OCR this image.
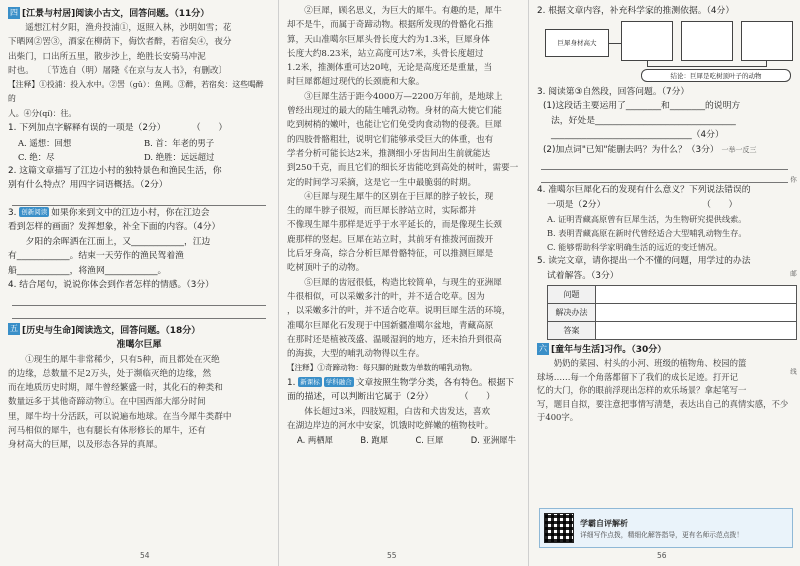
四 [江景与村居]阅读小古文，回答问题。（11分）

遥想江村夕阳，渔舟投浦①，返照入林，沙明如雪；花

下晒网②罟③，酒家在柳荫下，侮饮者醉，若宿矣④，夜分

出柴门，口出所五里，散步沙上，绝胜长安骑马冲泥

时也。　　〔节选自（明）屠隆《在京与友人书》，有删改〕

【注释】①投浦：投入水中。②罟（ɡǔ）：鱼网。③醉，若宿矣：这些喝醉的

人。④分(qí)：往。

1. 下列加点字解释有误的一项是（2分）　　　　（　　）

A. 遥想：回想	B. 首：年老的男子
C. 绝：尽	D. 绝胜：远远超过

2. 这篇文章描写了江边小村的独特景色和渔民生活，你

别有什么特点？用四字词语概括。（2分）

3. 创新阅读 如果你来到文中的江边小村，你在江边会

看到怎样的画面？发挥想象，补全下面的内容。（4分）

夕阳的余晖洒在江面上，又____________，江边

有____________。结束一天劳作的渔民驾着渔

船____________，将渔网____________。

4. 结合尾句，说说你体会到作者怎样的情感。（3分）

五 [历史与生命]阅读选文，回答问题。（18分）
准噶尔巨犀

①现生的犀牛非常稀少，只有5种，而且都处在灭绝

的边缘，总数量不足2万头，处于濒临灭绝的边缘，然

而在地质历史时期，犀牛曾经繁盛一时，其化石的种类和

数量远多于其他奇蹄动物①。在中国西部大部分时间

里，犀牛均十分活跃，可以说遍布地球。在当今犀牛类群中

河马相似的犀牛，也有腿长有体形修长的犀牛，还有

身材高大的巨犀，以及形态各异的真犀。

54

②巨犀，顾名思义，为巨大的犀牛。有趣的是，犀牛

却不是牛，而属于奇蹄动物。根据所发现的骨骼化石推

算，天山准噶尔巨犀头骨长度大约为1.3米，巨犀身体

长度大约8.23米，站立高度可达7米，头骨长度超过

1.2米，推测体重可达20吨，无论是高度还是重量，当

时巨犀都超过现代的长颈鹿和大象。

③巨犀生活于距今4000万—2200万年前，是地球上

曾经出现过的最大的陆生哺乳动物。身材的高大使它们能

吃到树梢的嫩叶，也能让它们免受肉食动物的侵袭。巨犀

的四肢骨骼粗壮，说明它们能够承受巨大的体重，也有

学者分析可能长达2米，推测细小牙齿间出生前就能达

到250千克，而且它们的细长牙齿能吃到高处的树叶，需要一

定的时间学习采摘，这是它一生中最脆弱的时期。

④巨犀与现生犀牛的区别在于巨犀的脖子较长，现

生的犀牛脖子很短，而巨犀长脖站立时，实际都并

不像现生犀牛那样是近乎于水平延长的，而是像现生长颈

鹿那样的竖起。巨犀在站立时，其前牙有推拨河面拨开

比后牙身高，综合分析巨犀骨骼特征，可以推测巨犀是

吃树顶叶子的动物。

⑤巨犀的齿冠很低，构造比较简单，与现生的亚洲犀

牛很相似，可以采嫩多汁的叶，并不适合吃草。因为

，以采嫩多汁的叶，并不适合吃草。说明巨犀生活的环境，

准噶尔巨犀化石发现于中国新疆准噶尔盆地，青藏高原

在那时还是植被茂盛、温暖湿润的地方，还未抬升到很高

的海拔，大型的哺乳动物得以生存。

【注释】①奇蹄动物：每只脚的趾数为单数的哺乳动物。

1. 新课标 学科融合 文章按照生物学分类，各有特色。根据下

面的描述，可以判断出它属于（2分）　　　　（　　）

体长超过3米，四肢短粗，白齿和犬齿发达，喜欢

在湖边岸边的河水中安家，饥饿时吃鲜嫩的植物枝叶。

A. 两栖犀	B. 跑犀	C. 巨犀	D. 亚洲犀牛
55

2. 根据文章内容，补充科学家的推测依据。（4分）

巨犀身材高大
结论：巨犀是吃树顶叶子的动物

3. 阅读第③自然段，回答问题。（7分）

(1)这段话主要运用了________和________的说明方

法，好处是________________________________

________________________________（4分）

(2)加点词"已知"能删去吗？为什么？（3分） 一举一反三

4. 准噶尔巨犀化石的发现有什么意义？下列说法错误的

一项是（2分）　　　　　　　　　　　　（　　）

A. 证明青藏高原曾有巨犀生活，为生物研究提供线索。

B. 表明青藏高原在新时代曾经适合大型哺乳动物生存。

C. 能够帮助科学家明确生活的远近的变迁情况。

5. 读完文章，请你提出一个不懂的问题，用学过的办法

试着解答。（3分）

问题	
解决办法	
答案	
六 [童年与生活]习作。（30分）

奶奶的菜园、村头的小河、班级的植物角、校园的篮

球场……每一个角落都留下了我们的成长足迹。打开记

忆的大门，你的眼前浮现出怎样的欢乐场景？拿起笔写一

写，题目自拟，要注意把事情写清楚，表达出自己的真情实感，不少于400字。

学霸自评解析
详细写作点拨，精细化解答指导，更有名师示范点拨！
你
邮
线
56
